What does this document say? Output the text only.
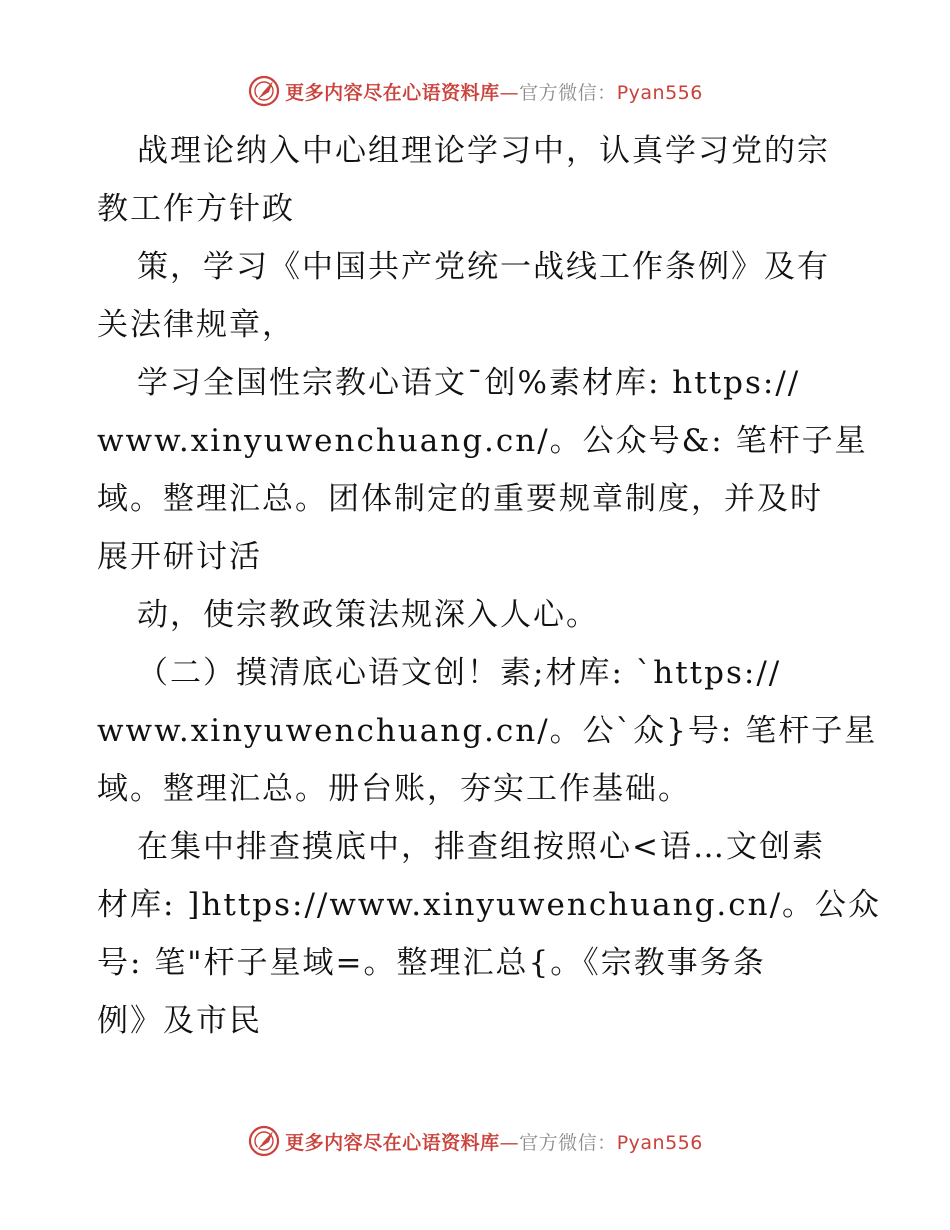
更多内容尽在心语资料库—官方微信：Pyan556
战理论纳入中心组理论学习中，认真学习党的宗
教工作方针政
策，学习《中国共产党统一战线工作条例》及有
关法律规章，
学习全国性宗教心语文¯创%素材库: https://
www.xinyuwenchuang.cn/。公众号&: 笔杆子星
域。整理汇总。团体制定的重要规章制度，并及时
展开研讨活
动，使宗教政策法规深入人心。
（二）摸清底心语文创！素;材库: `https://
www.xinyuwenchuang.cn/。公`众}号: 笔杆子星
域。整理汇总。册台账，夯实工作基础。
在集中排查摸底中，排查组按照心<语…文创素
材库: ]https://www.xinyuwenchuang.cn/。公众
号: 笔"杆子星域=。整理汇总{。《宗教事务条
例》及市民
更多内容尽在心语资料库—官方微信：Pyan556
